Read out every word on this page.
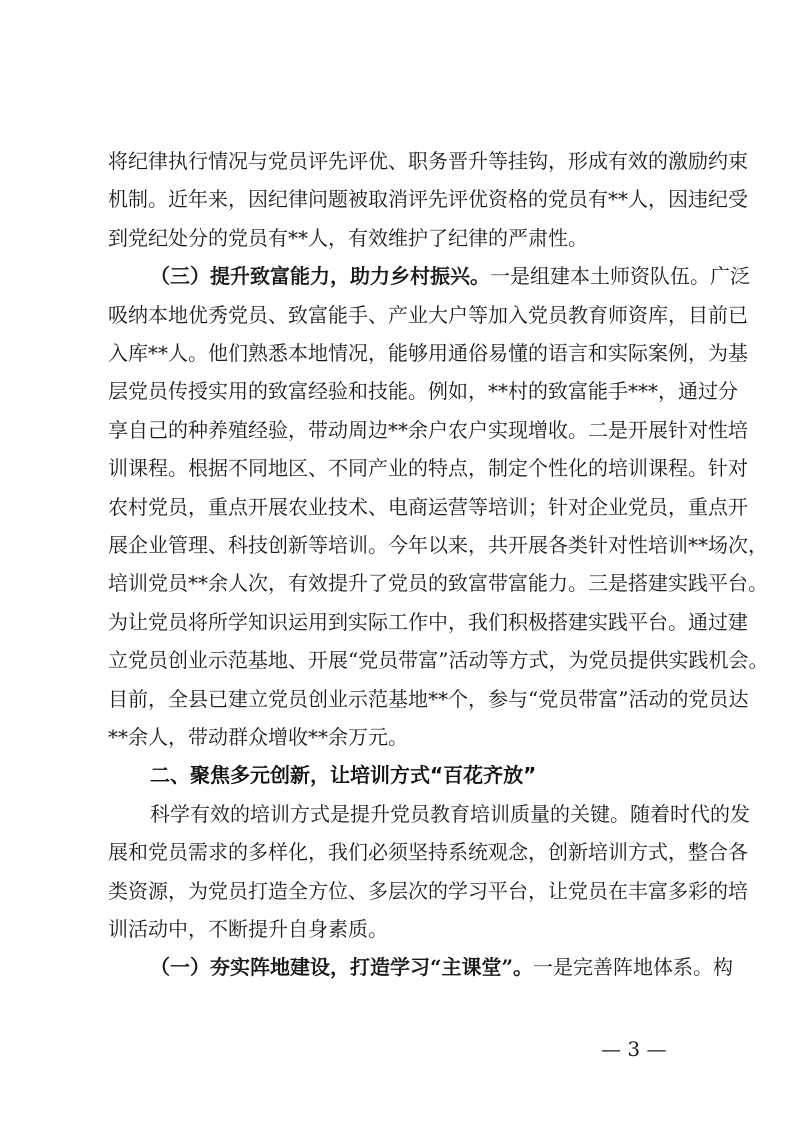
将纪律执行情况与党员评先评优、职务晋升等挂钩，形成有效的激励约束
机制。近年来，因纪律问题被取消评先评优资格的党员有**人，因违纪受
到党纪处分的党员有**人，有效维护了纪律的严肃性。
（三）提升致富能力，助力乡村振兴。一是组建本土师资队伍。广泛
吸纳本地优秀党员、致富能手、产业大户等加入党员教育师资库，目前已
入库**人。他们熟悉本地情况，能够用通俗易懂的语言和实际案例，为基
层党员传授实用的致富经验和技能。例如，**村的致富能手***，通过分
享自己的种养殖经验，带动周边**余户农户实现增收。二是开展针对性培
训课程。根据不同地区、不同产业的特点，制定个性化的培训课程。针对
农村党员，重点开展农业技术、电商运营等培训；针对企业党员，重点开
展企业管理、科技创新等培训。今年以来，共开展各类针对性培训**场次，
培训党员**余人次，有效提升了党员的致富带富能力。三是搭建实践平台。
为让党员将所学知识运用到实际工作中，我们积极搭建实践平台。通过建
立党员创业示范基地、开展“党员带富”活动等方式，为党员提供实践机会。
目前，全县已建立党员创业示范基地**个，参与“党员带富”活动的党员达
**余人，带动群众增收**余万元。
二、聚焦多元创新，让培训方式“百花齐放”
科学有效的培训方式是提升党员教育培训质量的关键。随着时代的发
展和党员需求的多样化，我们必须坚持系统观念，创新培训方式，整合各
类资源，为党员打造全方位、多层次的学习平台，让党员在丰富多彩的培
训活动中，不断提升自身素质。
— 3 —
（一）夯实阵地建设，打造学习“主课堂”。一是完善阵地体系。构
